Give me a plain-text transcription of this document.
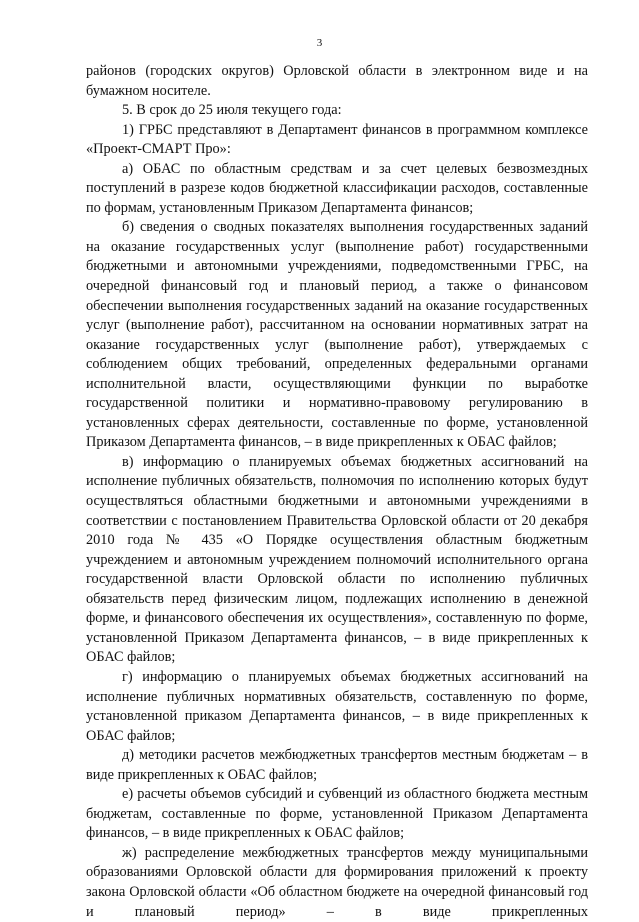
3

районов (городских округов) Орловской области в электронном виде и на бумажном носителе.

5. В срок до 25 июля текущего года:

1) ГРБС представляют в Департамент финансов в программном комплексе «Проект-СМАРТ Про»:

а) ОБАС по областным средствам и за счет целевых безвозмездных поступлений в разрезе кодов бюджетной классификации расходов, составленные по формам, установленным Приказом Департамента финансов;

б) сведения о сводных показателях выполнения государственных заданий на оказание государственных услуг (выполнение работ) государственными бюджетными и автономными учреждениями, подведомственными ГРБС, на очередной финансовый год и плановый период, а также о финансовом обеспечении выполнения государственных заданий на оказание государственных услуг (выполнение работ), рассчитанном на основании нормативных затрат на оказание государственных услуг (выполнение работ), утверждаемых с соблюдением общих требований, определенных федеральными органами исполнительной власти, осуществляющими функции по выработке государственной политики и нормативно-правовому регулированию в установленных сферах деятельности, составленные по форме, установленной Приказом Департамента финансов, – в виде прикрепленных к ОБАС файлов;

в) информацию о планируемых объемах бюджетных ассигнований на исполнение публичных обязательств, полномочия по исполнению которых будут осуществляться областными бюджетными и автономными учреждениями в соответствии с постановлением Правительства Орловской области от 20 декабря 2010 года № 435 «О Порядке осуществления областным бюджетным учреждением и автономным учреждением полномочий исполнительного органа государственной власти Орловской области по исполнению публичных обязательств перед физическим лицом, подлежащих исполнению в денежной форме, и финансового обеспечения их осуществления», составленную по форме, установленной Приказом Департамента финансов, – в виде прикрепленных к ОБАС файлов;

г) информацию о планируемых объемах бюджетных ассигнований на исполнение публичных нормативных обязательств, составленную по форме, установленной приказом Департамента финансов, – в виде прикрепленных к ОБАС файлов;

д) методики расчетов межбюджетных трансфертов местным бюджетам – в виде прикрепленных к ОБАС файлов;

е) расчеты объемов субсидий и субвенций из областного бюджета местным бюджетам, составленные по форме, установленной Приказом Департамента финансов, – в виде прикрепленных к ОБАС файлов;

ж) распределение межбюджетных трансфертов между муниципальными образованиями Орловской области для формирования приложений к проекту закона Орловской области «Об областном бюджете на очередной финансовый год и плановый период» – в виде прикрепленных
